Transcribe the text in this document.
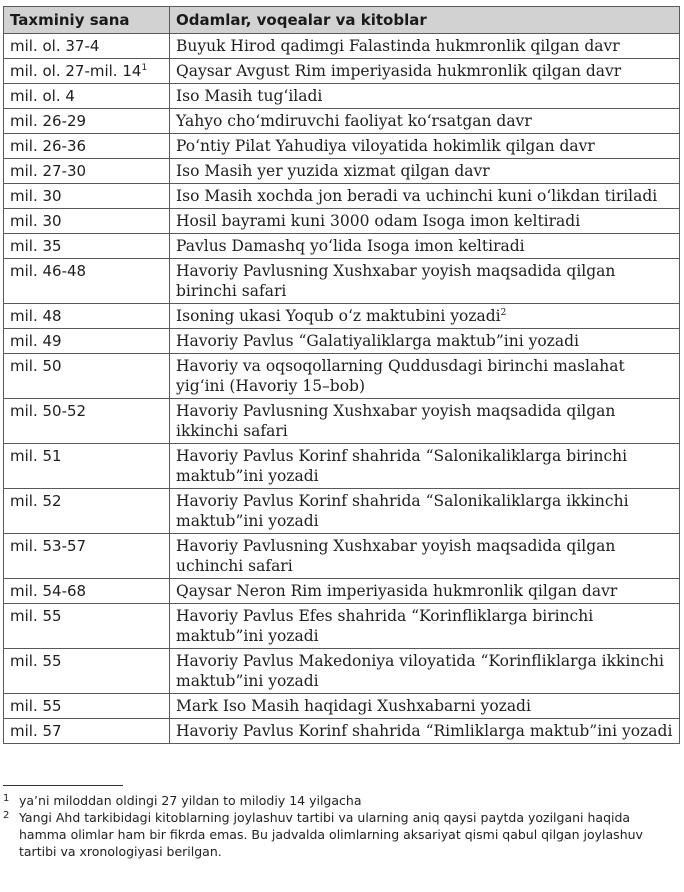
Taxminiy sana	Odamlar, voqealar va kitoblar
mil. ol. 37-4	Buyuk Hirod qadimgi Falastinda hukmronlik qilgan davr
mil. ol. 27-mil. 14$^1$	Qaysar Avgust Rim imperiyasida hukmronlik qilgan davr
mil. ol. 4	Iso Masih tug‘iladi
mil. 26-29	Yahyo cho‘mdiruvchi faoliyat ko‘rsatgan davr
mil. 26-36	Po‘ntiy Pilat Yahudiya viloyatida hokimlik qilgan davr
mil. 27-30	Iso Masih yer yuzida xizmat qilgan davr
mil. 30	Iso Masih xochda jon beradi va uchinchi kuni o‘likdan tiriladi
mil. 30	Hosil bayrami kuni 3000 odam Isoga imon keltiradi
mil. 35	Pavlus Damashq yo‘lida Isoga imon keltiradi
mil. 46-48	Havoriy Pavlusning Xushxabar yoyish maqsadida qilgan birinchi safari
mil. 48	Isoning ukasi Yoqub o‘z maktubini yozadi$^2$
mil. 49	Havoriy Pavlus “Galatiyaliklarga maktub”ini yozadi
mil. 50	Havoriy va oqsoqollarning Quddusdagi birinchi maslahat yig‘ini (Havoriy 15–bob)
mil. 50-52	Havoriy Pavlusning Xushxabar yoyish maqsadida qilgan ikkinchi safari
mil. 51	Havoriy Pavlus Korinf shahrida “Salonikaliklarga birinchi maktub”ini yozadi
mil. 52	Havoriy Pavlus Korinf shahrida “Salonikaliklarga ikkinchi maktub”ini yozadi
mil. 53-57	Havoriy Pavlusning Xushxabar yoyish maqsadida qilgan uchinchi safari
mil. 54-68	Qaysar Neron Rim imperiyasida hukmronlik qilgan davr
mil. 55	Havoriy Pavlus Efes shahrida “Korinfliklarga birinchi maktub”ini yozadi
mil. 55	Havoriy Pavlus Makedoniya viloyatida “Korinfliklarga ikkinchi maktub”ini yozadi
mil. 55	Mark Iso Masih haqidagi Xushxabarni yozadi
mil. 57	Havoriy Pavlus Korinf shahrida “Rimliklarga maktub”ini yozadi

1 ya’ni miloddan oldingi 27 yildan to milodiy 14 yilgacha

2 Yangi Ahd tarkibidagi kitoblarning joylashuv tartibi va ularning aniq qaysi paytda yozilgani haqida hamma olimlar ham bir fikrda emas. Bu jadvalda olimlarning aksariyat qismi qabul qilgan joylashuv tartibi va xronologiyasi berilgan.
